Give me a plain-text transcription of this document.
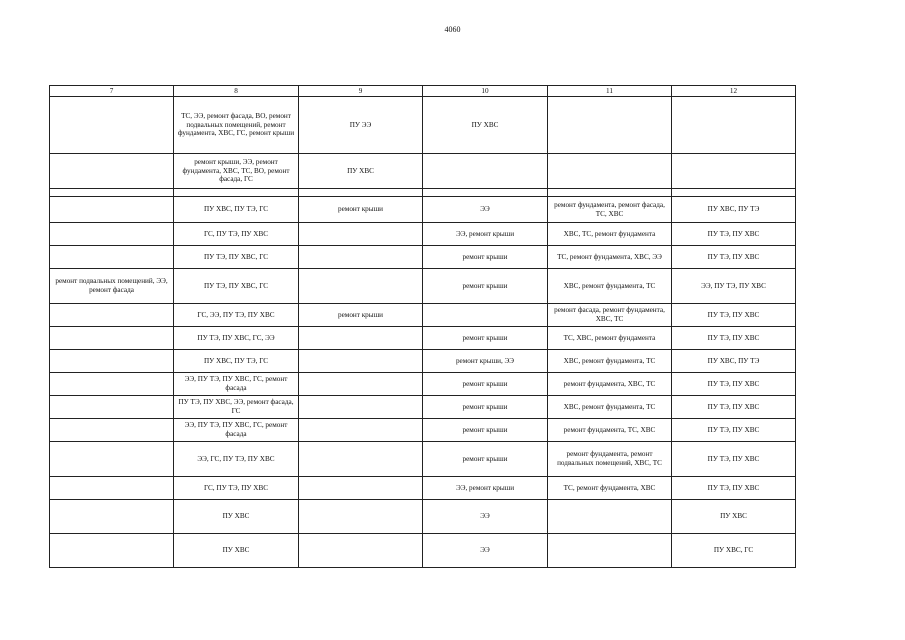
4060
7	8	9	10	11	12
	ТС, ЭЭ, ремонт фасада, ВО, ремонт подвальных помещений, ремонт фундамента, ХВС, ГС, ремонт крыши	ПУ ЭЭ	ПУ ХВС		
	ремонт крыши, ЭЭ, ремонт фундамента, ХВС, ТС, ВО, ремонт фасада, ГС	ПУ ХВС			

	ПУ ХВС, ПУ ТЭ, ГС	ремонт крыши	ЭЭ	ремонт фундамента, ремонт фасада, ТС, ХВС	ПУ ХВС, ПУ ТЭ
	ГС, ПУ ТЭ, ПУ ХВС		ЭЭ, ремонт крыши	ХВС, ТС, ремонт фундамента	ПУ ТЭ, ПУ ХВС
	ПУ ТЭ, ПУ ХВС, ГС		ремонт крыши	ТС, ремонт фундамента, ХВС, ЭЭ	ПУ ТЭ, ПУ ХВС
ремонт подвальных помещений, ЭЭ, ремонт фасада	ПУ ТЭ, ПУ ХВС, ГС		ремонт крыши	ХВС, ремонт фундамента, ТС	ЭЭ, ПУ ТЭ, ПУ ХВС
	ГС, ЭЭ, ПУ ТЭ, ПУ ХВС	ремонт крыши		ремонт фасада, ремонт фундамента, ХВС, ТС	ПУ ТЭ, ПУ ХВС
	ПУ ТЭ, ПУ ХВС, ГС, ЭЭ		ремонт крыши	ТС, ХВС, ремонт фундамента	ПУ ТЭ, ПУ ХВС
	ПУ ХВС, ПУ ТЭ, ГС		ремонт крыши, ЭЭ	ХВС, ремонт фундамента, ТС	ПУ ХВС, ПУ ТЭ
	ЭЭ, ПУ ТЭ, ПУ ХВС, ГС, ремонт фасада		ремонт крыши	ремонт фундамента, ХВС, ТС	ПУ ТЭ, ПУ ХВС
	ПУ ТЭ, ПУ ХВС, ЭЭ, ремонт фасада, ГС		ремонт крыши	ХВС, ремонт фундамента, ТС	ПУ ТЭ, ПУ ХВС
	ЭЭ, ПУ ТЭ, ПУ ХВС, ГС, ремонт фасада		ремонт крыши	ремонт фундамента, ТС, ХВС	ПУ ТЭ, ПУ ХВС
	ЭЭ, ГС, ПУ ТЭ, ПУ ХВС		ремонт крыши	ремонт фундамента, ремонт подвальных помещений, ХВС, ТС	ПУ ТЭ, ПУ ХВС
	ГС, ПУ ТЭ, ПУ ХВС		ЭЭ, ремонт крыши	ТС, ремонт фундамента, ХВС	ПУ ТЭ, ПУ ХВС
	ПУ ХВС		ЭЭ		ПУ ХВС
	ПУ ХВС		ЭЭ		ПУ ХВС, ГС
